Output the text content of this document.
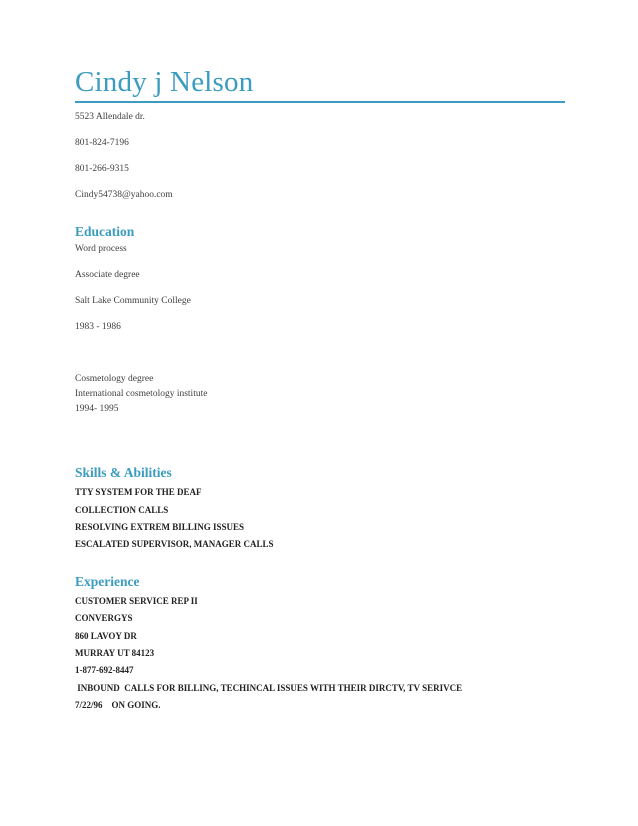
Cindy j Nelson

5523 Allendale dr.

801-824-7196

801-266-9315

Cindy54738@yahoo.com

Education

Word process

Associate degree

Salt Lake Community College

1983 - 1986

Cosmetology degree

International cosmetology institute

1994- 1995

Skills & Abilities

TTY SYSTEM FOR THE DEAF

COLLECTION CALLS

RESOLVING EXTREM BILLING ISSUES

ESCALATED SUPERVISOR, MANAGER CALLS

Experience

CUSTOMER SERVICE REP II

CONVERGYS

860 LAVOY DR

MURRAY UT 84123

1-877-692-8447

INBOUND  CALLS FOR BILLING, TECHINCAL ISSUES WITH THEIR DIRCTV, TV SERIVCE

7/22/96    ON GOING.
